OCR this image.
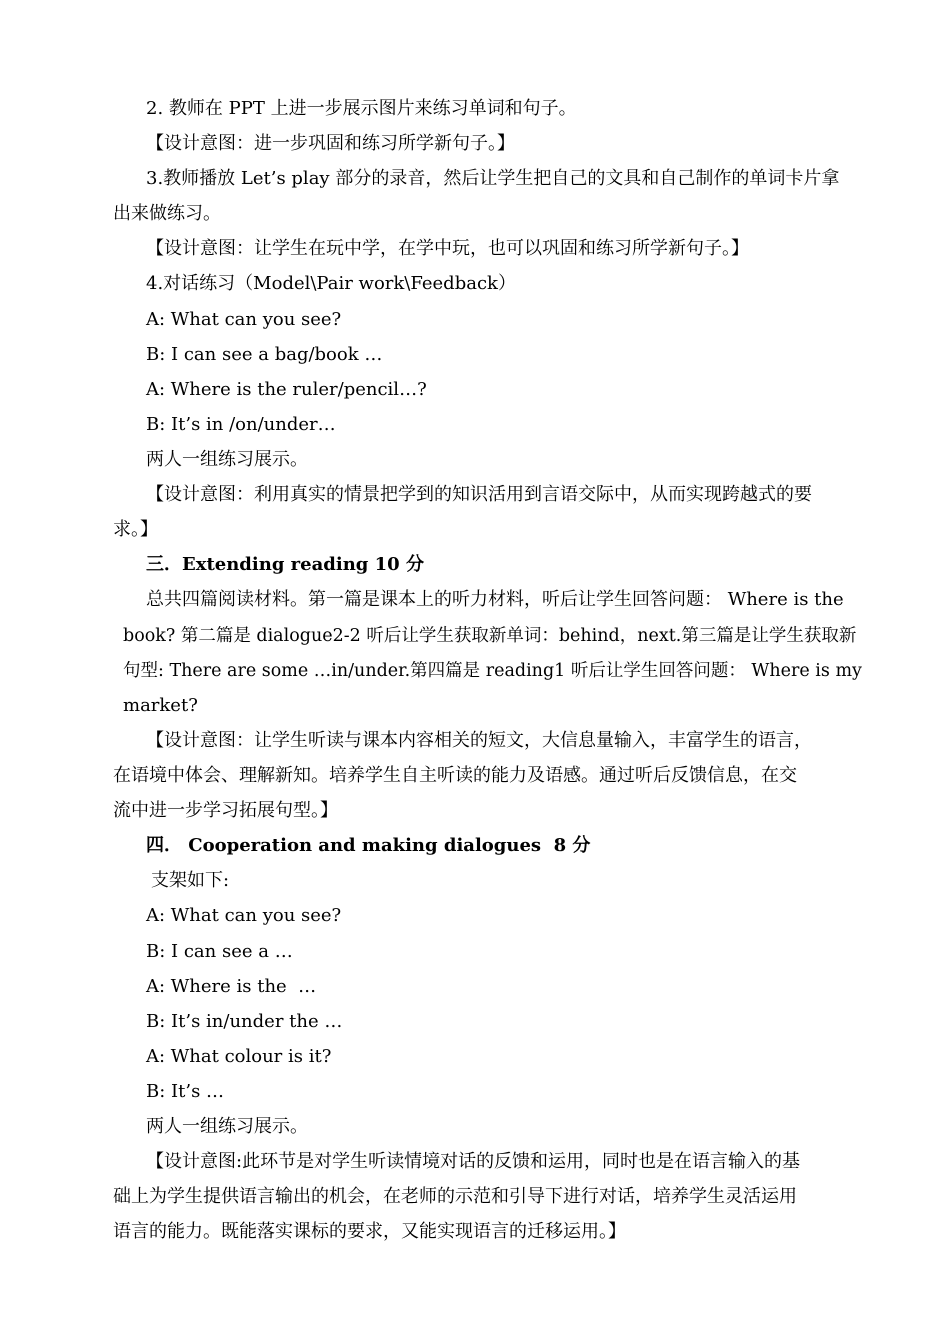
2. 教师在 PPT 上进一步展示图片来练习单词和句子。
【设计意图：进一步巩固和练习所学新句子。】
3.教师播放 Let’s play 部分的录音，然后让学生把自己的文具和自己制作的单词卡片拿
出来做练习。
【设计意图：让学生在玩中学，在学中玩，也可以巩固和练习所学新句子。】
4.对话练习（Model\Pair work\Feedback）
A: What can you see?
B: I can see a bag/book …
A: Where is the ruler/pencil…?
B: It’s in /on/under…
两人一组练习展示。
【设计意图：利用真实的情景把学到的知识活用到言语交际中，从而实现跨越式的要
求。】
三．Extending reading 10 分
总共四篇阅读材料。第一篇是课本上的听力材料，听后让学生回答问题： Where is the
book? 第二篇是 dialogue2-2 听后让学生获取新单词：behind，next.第三篇是让学生获取新
句型: There are some …in/under.第四篇是 reading1 听后让学生回答问题： Where is my
market?
【设计意图：让学生听读与课本内容相关的短文，大信息量输入，丰富学生的语言，
在语境中体会、理解新知。培养学生自主听读的能力及语感。通过听后反馈信息，在交
流中进一步学习拓展句型。】
四． Cooperation and making dialogues  8 分
支架如下:
A: What can you see?
B: I can see a …
A: Where is the  …
B: It’s in/under the …
A: What colour is it?
B: It’s …
两人一组练习展示。
【设计意图:此环节是对学生听读情境对话的反馈和运用，同时也是在语言输入的基
础上为学生提供语言输出的机会，在老师的示范和引导下进行对话，培养学生灵活运用
语言的能力。既能落实课标的要求，又能实现语言的迁移运用。】
